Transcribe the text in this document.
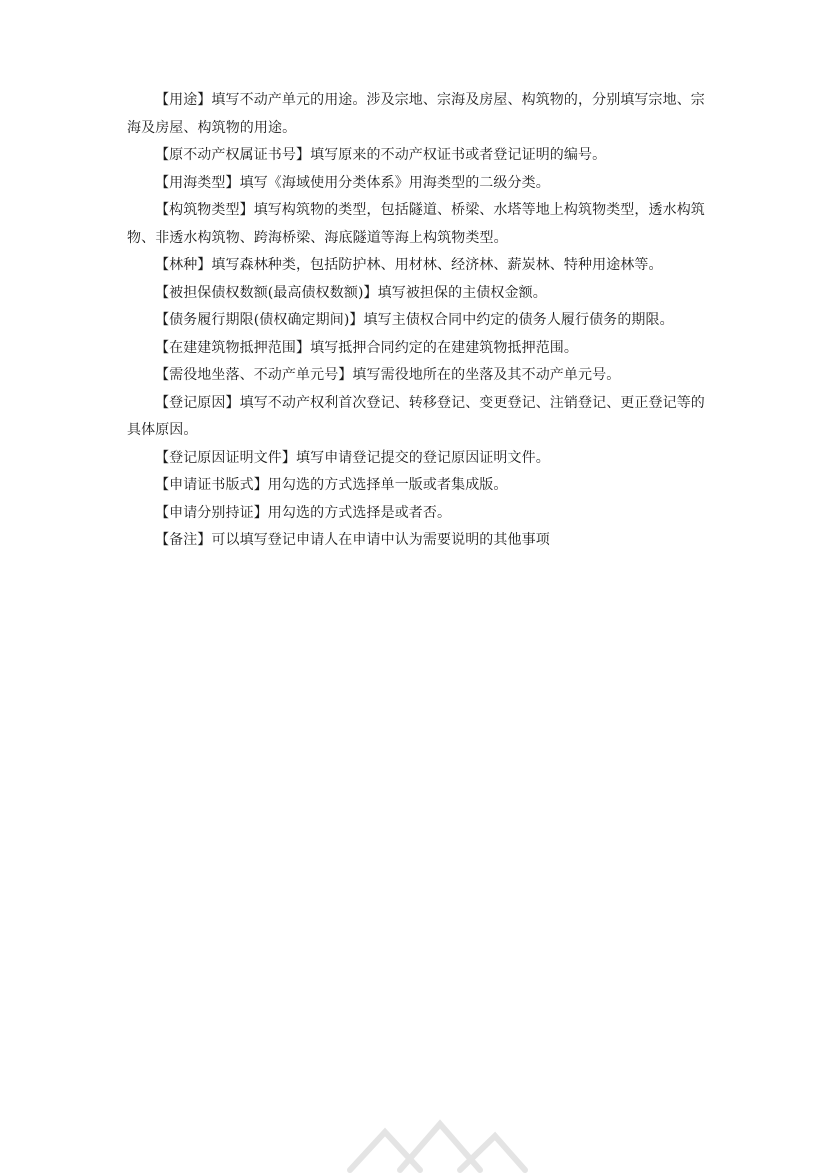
【用途】填写不动产单元的用途。涉及宗地、宗海及房屋、构筑物的，分别填写宗地、宗海及房屋、构筑物的用途。

【原不动产权属证书号】填写原来的不动产权证书或者登记证明的编号。

【用海类型】填写《海域使用分类体系》用海类型的二级分类。

【构筑物类型】填写构筑物的类型，包括隧道、桥梁、水塔等地上构筑物类型，透水构筑物、非透水构筑物、跨海桥梁、海底隧道等海上构筑物类型。

【林种】填写森林种类，包括防护林、用材林、经济林、薪炭林、特种用途林等。

【被担保债权数额(最高债权数额)】填写被担保的主债权金额。

【债务履行期限(债权确定期间)】填写主债权合同中约定的债务人履行债务的期限。

【在建建筑物抵押范围】填写抵押合同约定的在建建筑物抵押范围。

【需役地坐落、不动产单元号】填写需役地所在的坐落及其不动产单元号。

【登记原因】填写不动产权利首次登记、转移登记、变更登记、注销登记、更正登记等的具体原因。

【登记原因证明文件】填写申请登记提交的登记原因证明文件。

【申请证书版式】用勾选的方式选择单一版或者集成版。

【申请分别持证】用勾选的方式选择是或者否。

【备注】可以填写登记申请人在申请中认为需要说明的其他事项
